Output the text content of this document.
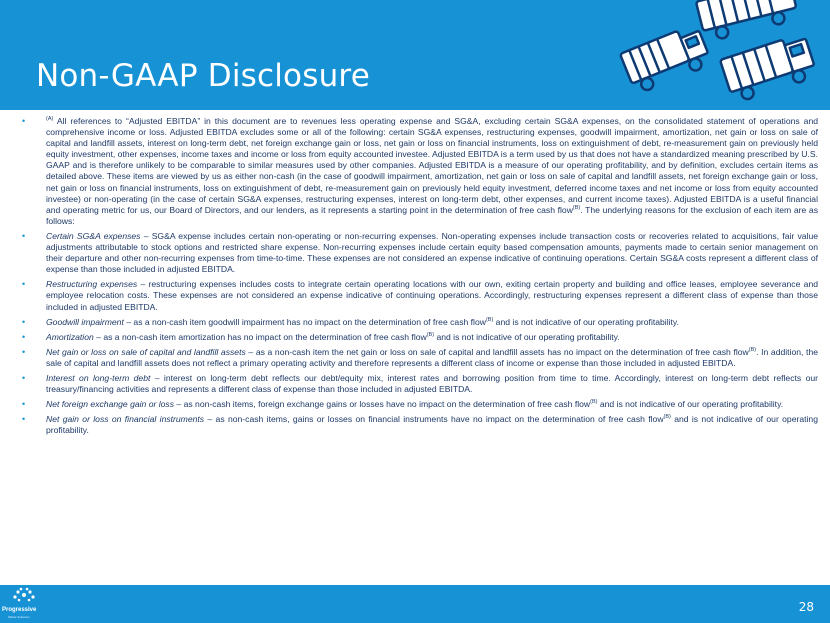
Non-GAAP Disclosure
•	$^{(A)}$ All references to “Adjusted EBITDA” in this document are to revenues less operating expense and SG&A, excluding certain SG&A expenses, on the consolidated statement of operations and comprehensive income or loss. Adjusted EBITDA excludes some or all of the following: certain SG&A expenses, restructuring expenses, goodwill impairment, amortization, net gain or loss on sale of capital and landfill assets, interest on long-term debt, net foreign exchange gain or loss, net gain or loss on financial instruments, loss on extinguishment of debt, re-measurement gain on previously held equity investment, other expenses, income taxes and income or loss from equity accounted investee. Adjusted EBITDA is a term used by us that does not have a standardized meaning prescribed by U.S. GAAP and is therefore unlikely to be comparable to similar measures used by other companies. Adjusted EBITDA is a measure of our operating profitability, and by definition, excludes certain items as detailed above. These items are viewed by us as either non-cash (in the case of goodwill impairment, amortization, net gain or loss on sale of capital and landfill assets, net foreign exchange gain or loss, net gain or loss on financial instruments, loss on extinguishment of debt, re-measurement gain on previously held equity investment, deferred income taxes and net income or loss from equity accounted investee) or non-operating (in the case of certain SG&A expenses, restructuring expenses, interest on long-term debt, other expenses, and current income taxes). Adjusted EBITDA is a useful financial and operating metric for us, our Board of Directors, and our lenders, as it represents a starting point in the determination of free cash flow$^{(B)}$. The underlying reasons for the exclusion of each item are as follows:
• Certain SG&A expenses – SG&A expense includes certain non-operating or non-recurring expenses. Non-operating expenses include transaction costs or recoveries related to acquisitions, fair value adjustments attributable to stock options and restricted share expense. Non-recurring expenses include certain equity based compensation amounts, payments made to certain senior management on their departure and other non-recurring expenses from time-to-time. These expenses are not considered an expense indicative of continuing operations. Certain SG&A costs represent a different class of expense than those included in adjusted EBITDA.
• Restructuring expenses – restructuring expenses includes costs to integrate certain operating locations with our own, exiting certain property and building and office leases, employee severance and employee relocation costs. These expenses are not considered an expense indicative of continuing operations. Accordingly, restructuring expenses represent a different class of expense than those included in adjusted EBITDA.
• Goodwill impairment – as a non-cash item goodwill impairment has no impact on the determination of free cash flow$^{(B)}$ and is not indicative of our operating profitability.
• Amortization – as a non-cash item amortization has no impact on the determination of free cash flow$^{(B)}$ and is not indicative of our operating profitability.
• Net gain or loss on sale of capital and landfill assets – as a non-cash item the net gain or loss on sale of capital and landfill assets has no impact on the determination of free cash flow$^{(B)}$. In addition, the sale of capital and landfill assets does not reflect a primary operating activity and therefore represents a different class of income or expense than those included in adjusted EBITDA.
• Interest on long-term debt – interest on long-term debt reflects our debt/equity mix, interest rates and borrowing position from time to time. Accordingly, interest on long-term debt reflects our treasury/financing activities and represents a different class of expense than those included in adjusted EBITDA.
• Net foreign exchange gain or loss – as non-cash items, foreign exchange gains or losses have no impact on the determination of free cash flow$^{(B)}$ and is not indicative of our operating profitability.
• Net gain or loss on financial instruments – as non-cash items, gains or losses on financial instruments have no impact on the determination of free cash flow$^{(B)}$ and is not indicative of our operating profitability.
Progressive
Waste Solutions
28
